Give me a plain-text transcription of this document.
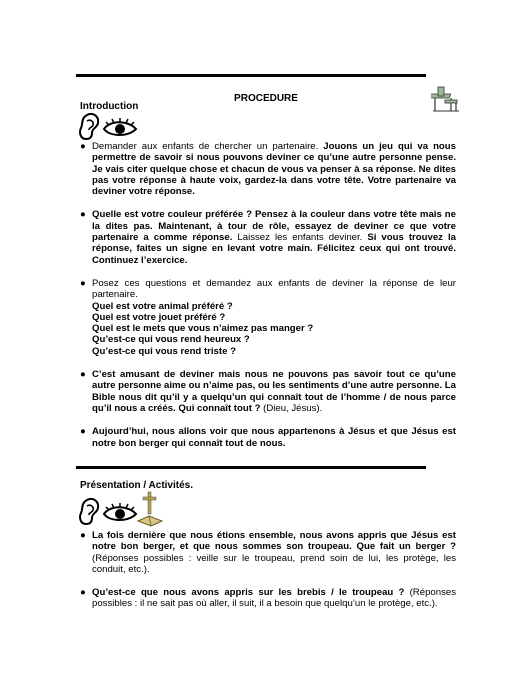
PROCEDURE
Introduction
● Demander aux enfants de chercher un partenaire. Jouons un jeu qui va nous permettre de savoir si nous pouvons deviner ce qu’une autre personne pense. Je vais citer quelque chose et chacun de vous va penser à sa réponse. Ne dites pas votre réponse à haute voix, gardez-la dans votre tête. Votre partenaire va deviner votre réponse.
● Quelle est votre couleur préférée ? Pensez à la couleur dans votre tête mais ne la dites pas. Maintenant, à tour de rôle, essayez de deviner ce que votre partenaire a comme réponse. Laissez les enfants deviner. Si vous trouvez la réponse, faites un signe en levant votre main. Félicitez ceux qui ont trouvé. Continuez l’exercice.
● Posez ces questions et demandez aux enfants de deviner la réponse de leur partenaire.
Quel est votre animal préféré ?
Quel est votre jouet préféré ?
Quel est le mets que vous n’aimez pas manger ?
Qu’est-ce qui vous rend heureux ?
Qu’est-ce qui vous rend triste ?
● C’est amusant de deviner mais nous ne pouvons pas savoir tout ce qu’une autre personne aime ou n’aime pas, ou les sentiments d’une autre personne. La Bible nous dit qu’il y a quelqu’un qui connaît tout de l’homme / de nous parce qu’il nous a créés. Qui connaît tout ? (Dieu, Jésus).
● Aujourd’hui, nous allons voir que nous appartenons à Jésus et que Jésus est notre bon berger qui connaît tout de nous.
Présentation / Activités.
● La fois dernière que nous étions ensemble, nous avons appris que Jésus est notre bon berger, et que nous sommes son troupeau. Que fait un berger ? (Réponses possibles : veille sur le troupeau, prend soin de lui, les protège, les conduit, etc.).
● Qu’est-ce que nous avons appris sur les brebis / le troupeau ? (Réponses possibles : il ne sait pas où aller, il suit, il a besoin que quelqu’un le protège, etc.).
